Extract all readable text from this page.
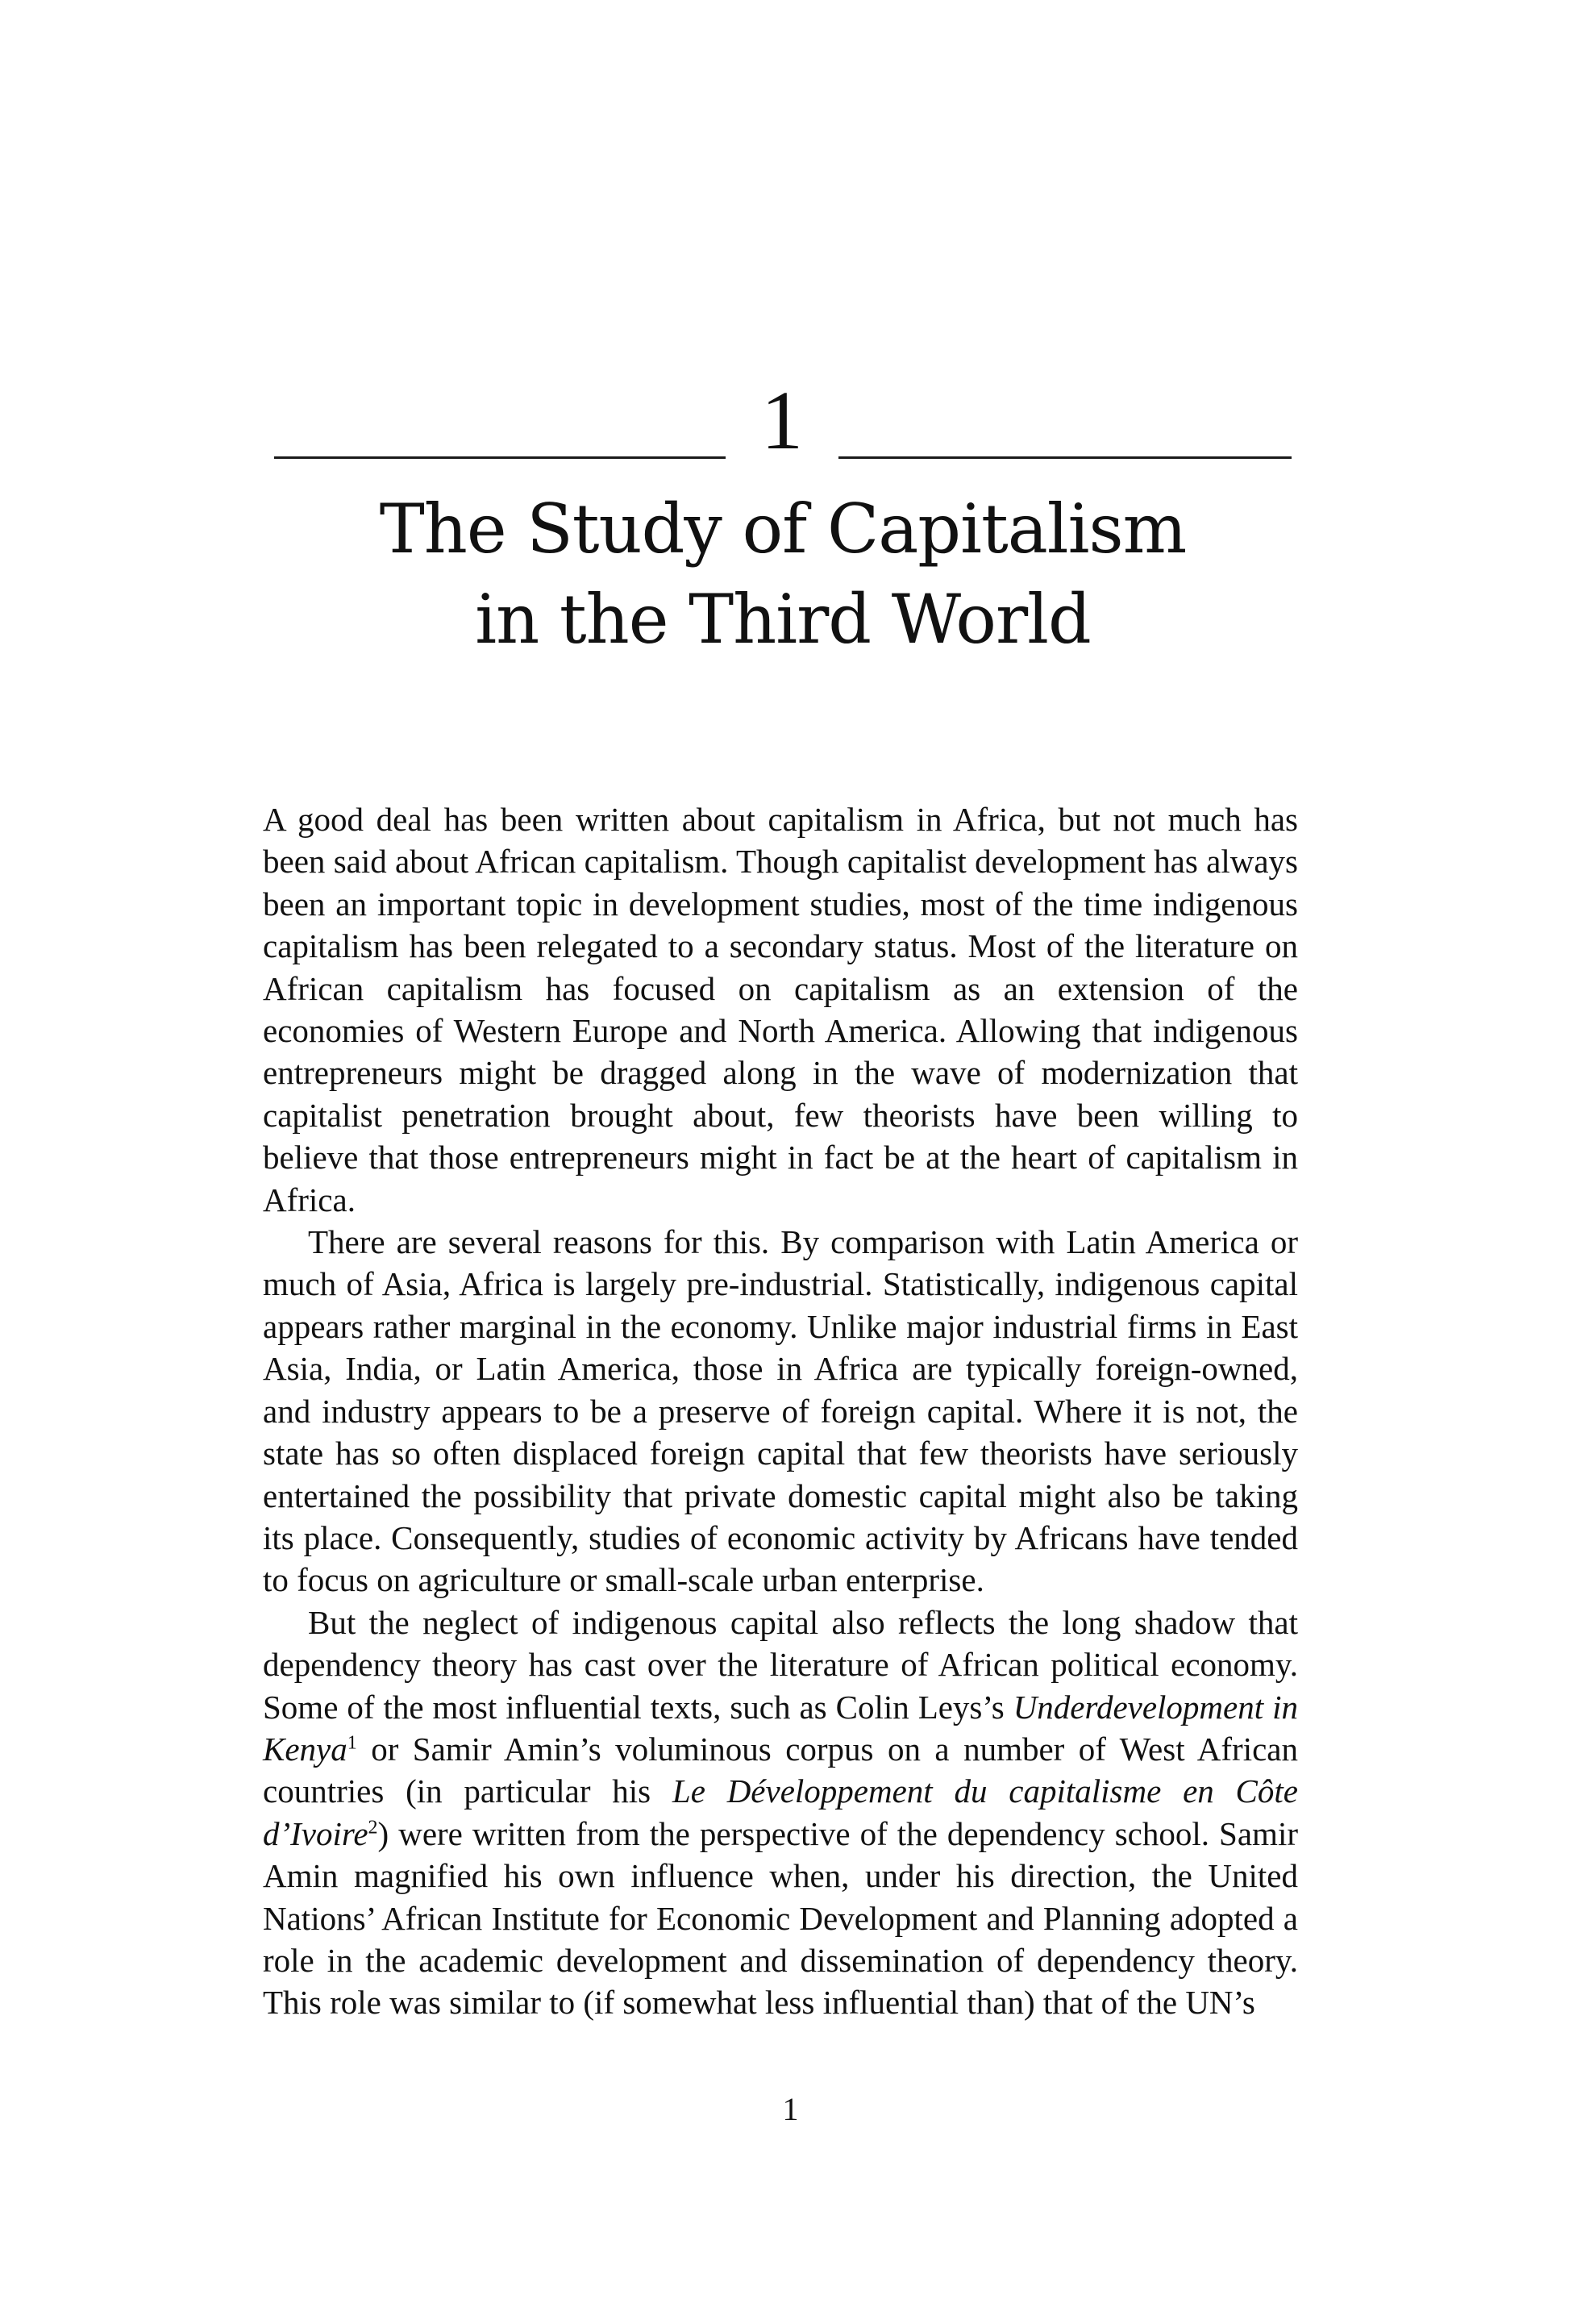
1
The Study of Capitalism
in the Third World

A good deal has been written about capitalism in Africa, but not much has been said about African capitalism. Though capitalist development has always been an important topic in development studies, most of the time indigenous capitalism has been relegated to a secondary status. Most of the literature on African capitalism has focused on capitalism as an extension of the economies of Western Europe and North America. Allowing that indigenous entrepreneurs might be dragged along in the wave of modernization that capitalist penetration brought about, few theorists have been willing to believe that those entrepreneurs might in fact be at the heart of capitalism in Africa.

There are several reasons for this. By comparison with Latin America or much of Asia, Africa is largely pre-industrial. Statistically, indigenous capital appears rather marginal in the economy. Unlike major industrial firms in East Asia, India, or Latin America, those in Africa are typically foreign-owned, and industry appears to be a preserve of foreign capital. Where it is not, the state has so often displaced foreign capital that few theorists have seriously entertained the possibility that private domestic capital might also be taking its place. Consequently, studies of economic activity by Africans have tended to focus on agriculture or small-scale urban enterprise.

But the neglect of indigenous capital also reflects the long shadow that dependency theory has cast over the literature of African political economy. Some of the most influential texts, such as Colin Leys’s Underdevelopment in Kenya$^1$ or Samir Amin’s voluminous corpus on a number of West African countries (in particular his Le Développement du capitalisme en Côte d’Ivoire$^2$) were written from the perspective of the dependency school. Samir Amin magnified his own influence when, under his direction, the United Nations’ African Institute for Economic Development and Planning adopted a role in the academic development and dissemination of dependency theory. This role was similar to (if somewhat less influential than) that of the UN’s

1
